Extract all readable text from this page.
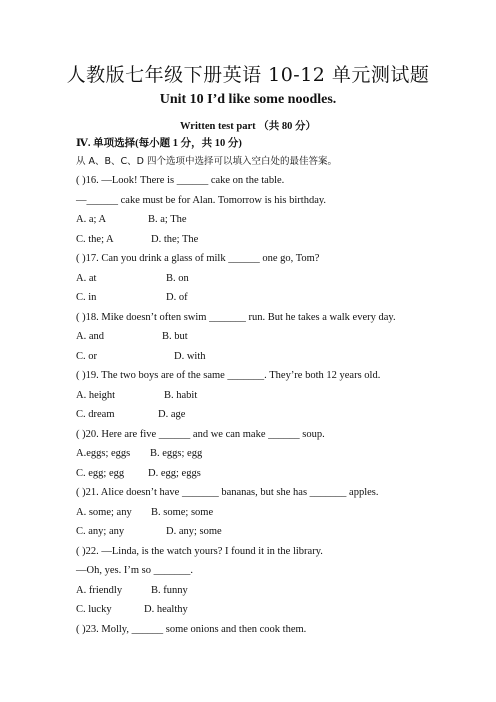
人教版七年级下册英语 10-12 单元测试题
Unit 10 I’d like some noodles.
Written test part （共 80 分）
Ⅳ. 单项选择(每小题 1 分，共 10 分)
从 A、B、C、D 四个选项中选择可以填入空白处的最佳答案。
( )16. —Look! There is ______ cake on the table.
—______ cake must be for Alan. Tomorrow is his birthday.
A. a; A	B. a; The
C. the; A	D. the; The
( )17. Can you drink a glass of milk ______ one go, Tom?
A. at	B. on
C. in	D. of
( )18. Mike doesn’t often swim _______ run. But he takes a walk every day.
A. and	B. but
C. or	D. with
( )19. The two boys are of the same _______. They’re both 12 years old.
A. height	B. habit
C. dream	D. age
( )20. Here are five ______ and we can make ______ soup.
A.eggs; eggs B. eggs; egg
C. egg; egg D. egg; eggs
( )21. Alice doesn’t have _______ bananas, but she has _______ apples.
A. some; any B. some; some
C. any; any	D. any; some
( )22. —Linda, is the watch yours? I found it in the library.
—Oh, yes. I’m so _______.
A. friendly	B. funny
C. lucky	D. healthy
( )23. Molly, ______ some onions and then cook them.
